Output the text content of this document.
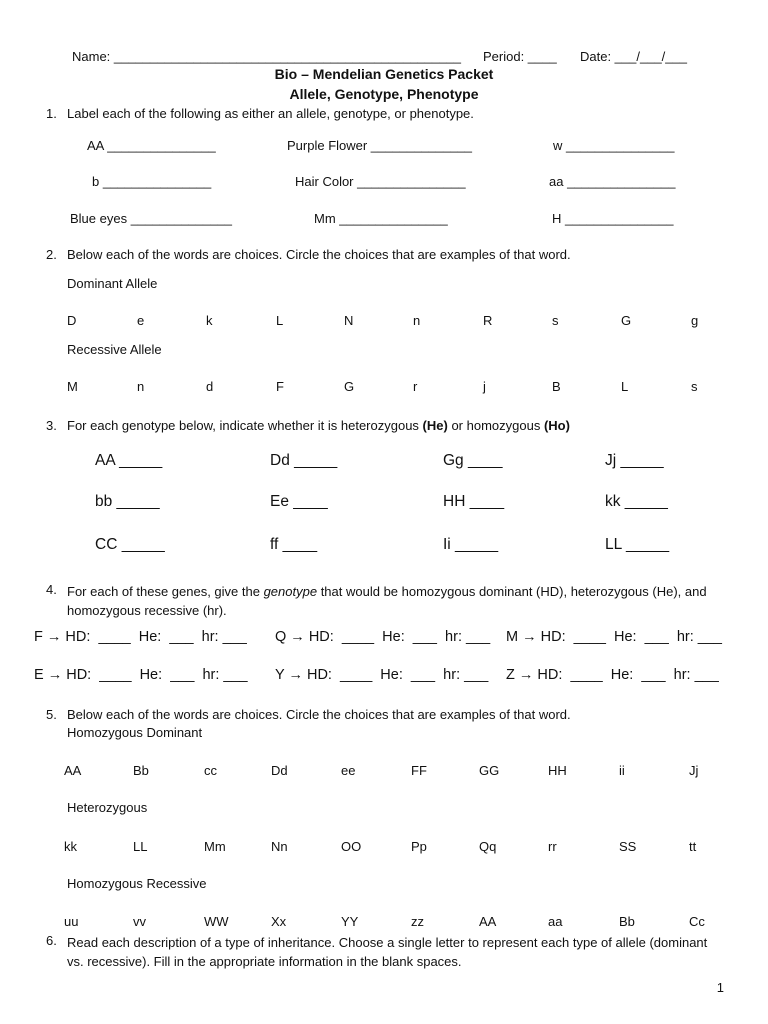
Name: ________________________________________________ Period: ____ Date: ___/___/___
Bio – Mendelian Genetics Packet
Allele, Genotype, Phenotype
1. Label each of the following as either an allele, genotype, or phenotype.
AA _______________	Purple Flower ______________	w _______________
b _______________	Hair Color _______________	aa _______________
Blue eyes ______________	Mm _______________	H _______________
2. Below each of the words are choices. Circle the choices that are examples of that word.
Dominant Allele
D	e	k	L	N	n	R	s	G	g
Recessive Allele
M	n	d	F	G	r	j	B	L	s
3. For each genotype below, indicate whether it is heterozygous (He) or homozygous (Ho)
AA _____	Dd _____	Gg ____	Jj _____
bb _____	Ee ____	HH ____	kk _____
CC _____	ff ____	Ii _____	LL _____
4. For each of these genes, give the genotype that would be homozygous dominant (HD), heterozygous (He), and homozygous recessive (hr).
F → HD:  ____  He:  ___  hr: ___ Q → HD:  ____  He:  ___  hr: ___ M → HD:  ____  He:  ___  hr: ___
E → HD:  ____  He:  ___  hr: ___ Y → HD:  ____  He:  ___  hr: ___ Z → HD:  ____  He:  ___  hr: ___
5. Below each of the words are choices. Circle the choices that are examples of that word.
Homozygous Dominant
AA	Bb	cc	Dd	ee	FF	GG	HH	ii	Jj
Heterozygous
kk	LL	Mm	Nn	OO	Pp	Qq	rr	SS	tt
Homozygous Recessive
uu	vv	WW	Xx	YY	zz	AA	aa	Bb	Cc
6. Read each description of a type of inheritance. Choose a single letter to represent each type of allele (dominant vs. recessive). Fill in the appropriate information in the blank spaces.
1
